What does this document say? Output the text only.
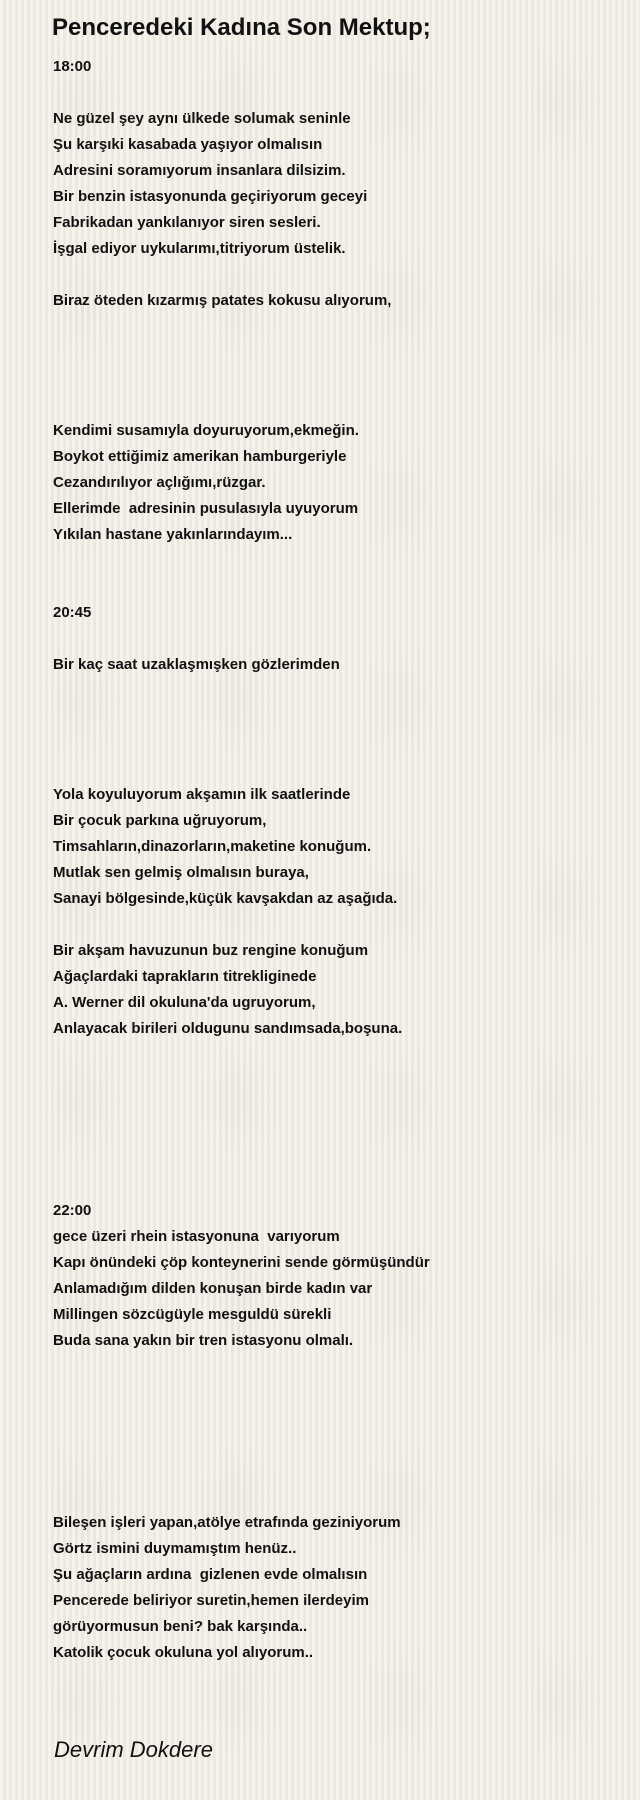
Penceredeki Kadına Son Mektup;
18:00
Ne güzel şey aynı ülkede solumak seninle
Şu karşıki kasabada yaşıyor olmalısın
Adresini soramıyorum insanlara dilsizim.
Bir benzin istasyonunda geçiriyorum geceyi
Fabrikadan yankılanıyor siren sesleri.
İşgal ediyor uykularımı,titriyorum üstelik.
Biraz öteden kızarmış patates kokusu alıyorum,
Kendimi susamıyla doyuruyorum,ekmeğin.
Boykot ettiğimiz amerikan hamburgeriyle
Cezandırılıyor açlığımı,rüzgar.
Ellerimde  adresinin pusulasıyla uyuyorum
Yıkılan hastane yakınlarındayım...
20:45
Bir kaç saat uzaklaşmışken gözlerimden
Yola koyuluyorum akşamın ilk saatlerinde
Bir çocuk parkına uğruyorum,
Timsahların,dinazorların,maketine konuğum.
Mutlak sen gelmiş olmalısın buraya,
Sanayi bölgesinde,küçük kavşakdan az aşağıda.
Bir akşam havuzunun buz rengine konuğum
Ağaçlardaki taprakların titrekliginede
A. Werner dil okuluna'da ugruyorum,
Anlayacak birileri oldugunu sandımsada,boşuna.
22:00
gece üzeri rhein istasyonuna  varıyorum
Kapı önündeki çöp konteynerini sende görmüşündür
Anlamadığım dilden konuşan birde kadın var
Millingen sözcügüyle mesguldü sürekli
Buda sana yakın bir tren istasyonu olmalı.
Bileşen işleri yapan,atölye etrafında geziniyorum
Görtz ismini duymamıştım henüz..
Şu ağaçların ardına  gizlenen evde olmalısın
Pencerede beliriyor suretin,hemen ilerdeyim
görüyormusun beni? bak karşında..
Katolik çocuk okuluna yol alıyorum..
Devrim Dokdere
